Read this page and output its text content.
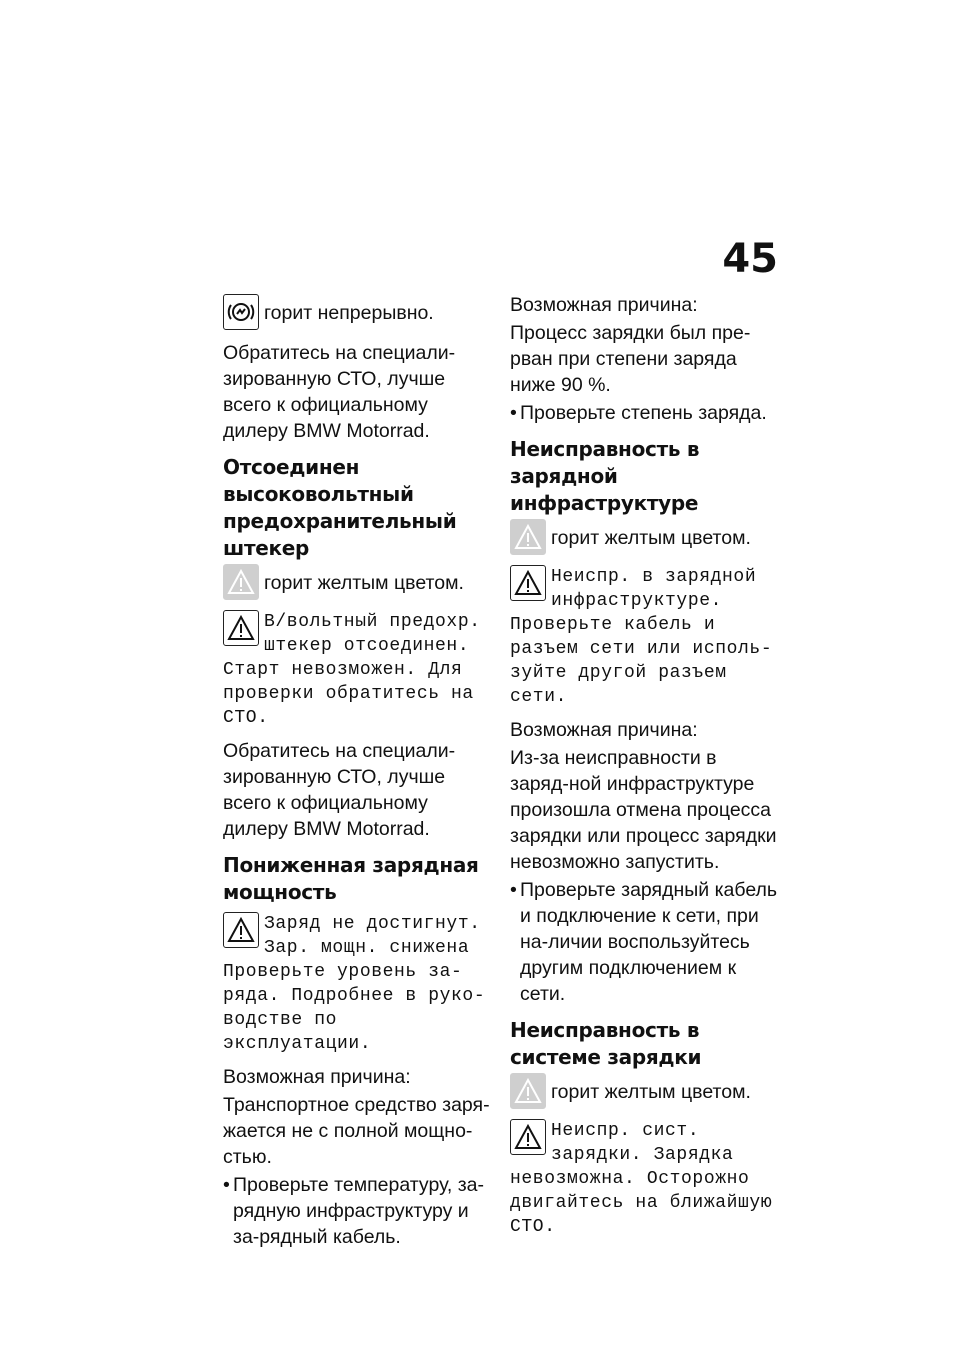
45
горит непрерывно.

Обратитесь на специали-зированную СТО, лучше всего к официальному дилеру BMW Motorrad.

Отсоединен высоковольтный предохранительный штекер
горит желтым цветом.
В/вольтный предохр.
штекер отсоединен.

Старт невозможен. Для проверки обратитесь на СТО.

Обратитесь на специали-зированную СТО, лучше всего к официальному дилеру BMW Motorrad.

Пониженная зарядная мощность
Заряд не достигнут.
Зар. мощн. снижена

Проверьте уровень за-ряда. Подробнее в руко-водстве по эксплуатации.

Возможная причина:

Транспортное средство заря-жается не с полной мощно-стью.

• Проверьте температуру, за-рядную инфраструктуру и за-рядный кабель.

Возможная причина:

Процесс зарядки был пре-рван при степени заряда ниже 90 %.

• Проверьте степень заряда.
Неисправность в зарядной инфраструктуре
горит желтым цветом.
Неиспр. в зарядной
инфраструктуре.

Проверьте кабель и разъем сети или исполь-зуйте другой разъем сети.

Возможная причина:

Из-за неисправности в заряд-ной инфраструктуре произошла отмена процесса зарядки или процесс зарядки невозможно запустить.

• Проверьте зарядный кабель и подключение к сети, при на-личии воспользуйтесь другим подключением к сети.
Неисправность в системе зарядки
горит желтым цветом.
Неиспр. сист.
зарядки. Зарядка

невозможна. Осторожно двигайтесь на ближайшую СТО.
